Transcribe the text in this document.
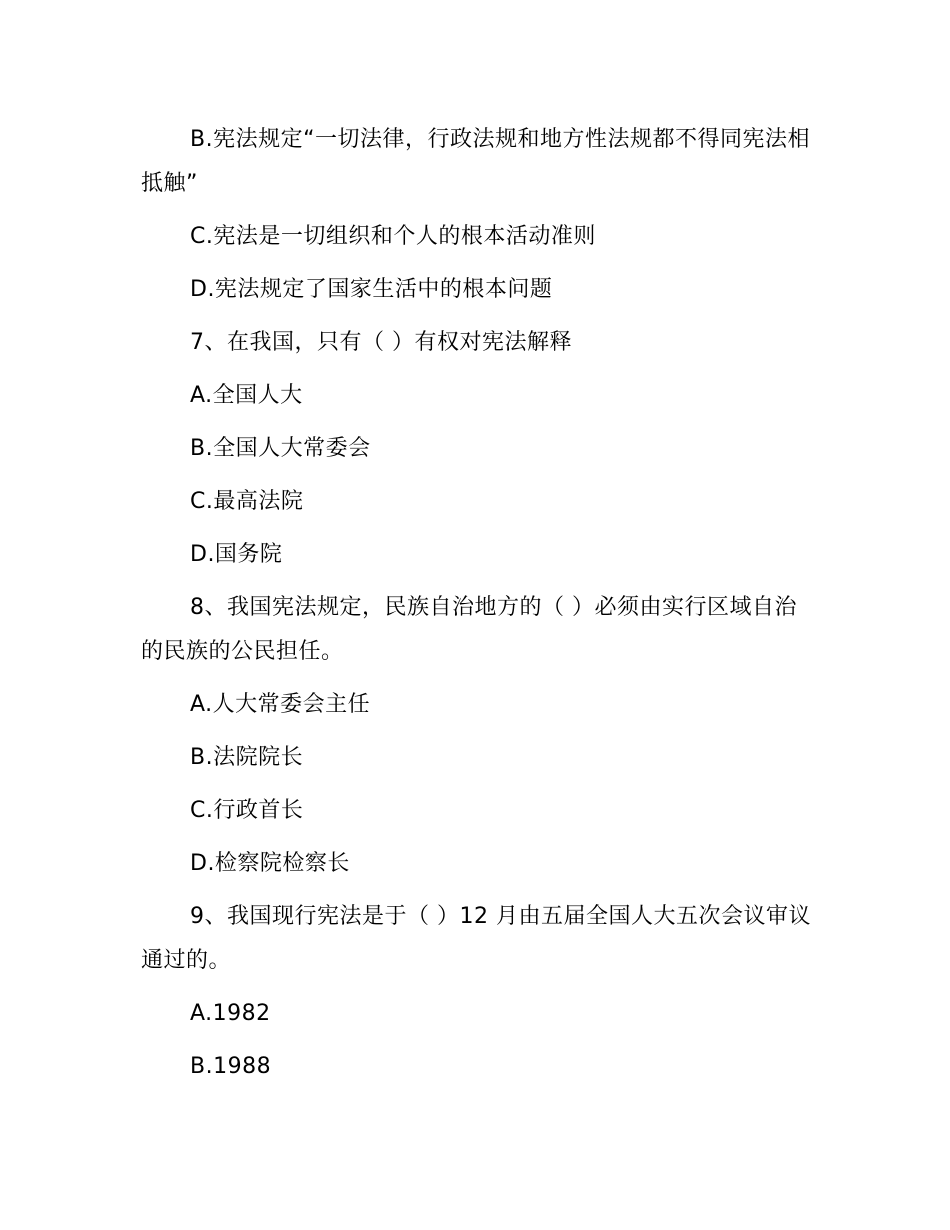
B.宪法规定“一切法律，行政法规和地方性法规都不得同宪法相抵触”

C.宪法是一切组织和个人的根本活动准则

D.宪法规定了国家生活中的根本问题

7、在我国，只有（ ）有权对宪法解释

A.全国人大

B.全国人大常委会

C.最高法院

D.国务院

8、我国宪法规定，民族自治地方的（ ）必须由实行区域自治的民族的公民担任。

A.人大常委会主任

B.法院院长

C.行政首长

D.检察院检察长

9、我国现行宪法是于（ ）12 月由五届全国人大五次会议审议通过的。

A.1982

B.1988
